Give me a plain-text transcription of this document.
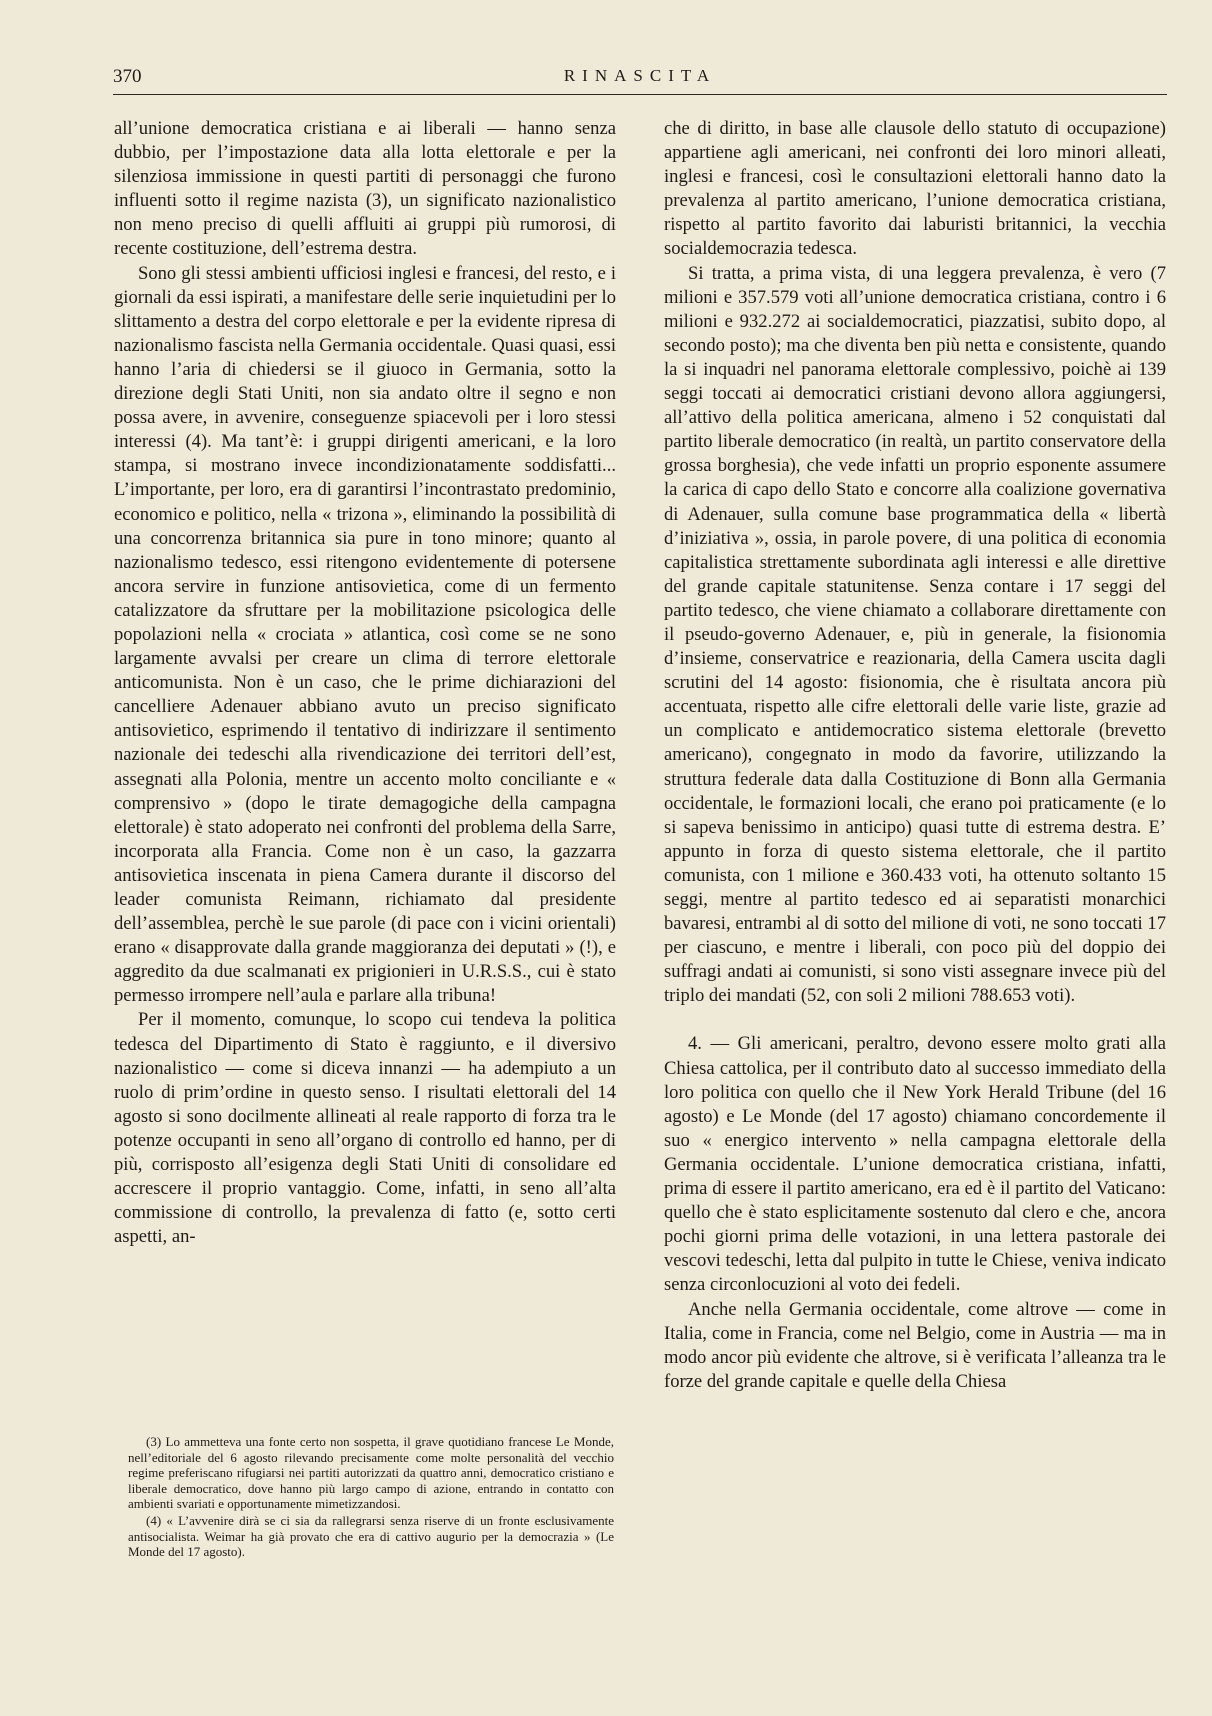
370	RINASCITA

all’unione democratica cristiana e ai liberali — hanno senza dubbio, per l’impostazione data alla lotta elettorale e per la silenziosa immissione in questi partiti di personaggi che furono influenti sotto il regime nazista (3), un significato nazionalistico non meno preciso di quelli affluiti ai gruppi più rumorosi, di recente costituzione, dell’estrema destra.

Sono gli stessi ambienti ufficiosi inglesi e francesi, del resto, e i giornali da essi ispirati, a manifestare delle serie inquietudini per lo slittamento a destra del corpo elettorale e per la evidente ripresa di nazionalismo fascista nella Germania occidentale. Quasi quasi, essi hanno l’aria di chiedersi se il giuoco in Germania, sotto la direzione degli Stati Uniti, non sia andato oltre il segno e non possa avere, in avvenire, conseguenze spiacevoli per i loro stessi interessi (4). Ma tant’è: i gruppi dirigenti americani, e la loro stampa, si mostrano invece incondizionatamente soddisfatti... L’importante, per loro, era di garantirsi l’incontrastato predominio, economico e politico, nella « trizona », eliminando la possibilità di una concorrenza britannica sia pure in tono minore; quanto al nazionalismo tedesco, essi ritengono evidentemente di potersene ancora servire in funzione antisovietica, come di un fermento catalizzatore da sfruttare per la mobilitazione psicologica delle popolazioni nella « crociata » atlantica, così come se ne sono largamente avvalsi per creare un clima di terrore elettorale anticomunista. Non è un caso, che le prime dichiarazioni del cancelliere Adenauer abbiano avuto un preciso significato antisovietico, esprimendo il tentativo di indirizzare il sentimento nazionale dei tedeschi alla rivendicazione dei territori dell’est, assegnati alla Polonia, mentre un accento molto conciliante e « comprensivo » (dopo le tirate demagogiche della campagna elettorale) è stato adoperato nei confronti del problema della Sarre, incorporata alla Francia. Come non è un caso, la gazzarra antisovietica inscenata in piena Camera durante il discorso del leader comunista Reimann, richiamato dal presidente dell’assemblea, perchè le sue parole (di pace con i vicini orientali) erano « disapprovate dalla grande maggioranza dei deputati » (!), e aggredito da due scalmanati ex prigionieri in U.R.S.S., cui è stato permesso irrompere nell’aula e parlare alla tribuna!

Per il momento, comunque, lo scopo cui tendeva la politica tedesca del Dipartimento di Stato è raggiunto, e il diversivo nazionalistico — come si diceva innanzi — ha adempiuto a un ruolo di prim’ordine in questo senso. I risultati elettorali del 14 agosto si sono docilmente allineati al reale rapporto di forza tra le potenze occupanti in seno all’organo di controllo ed hanno, per di più, corrisposto all’esigenza degli Stati Uniti di consolidare ed accrescere il proprio vantaggio. Come, infatti, in seno all’alta commissione di controllo, la prevalenza di fatto (e, sotto certi aspetti, an-

(3) Lo ammetteva una fonte certo non sospetta, il grave quotidiano francese Le Monde, nell’editoriale del 6 agosto rilevando precisamente come molte personalità del vecchio regime preferiscano rifugiarsi nei partiti autorizzati da quattro anni, democratico cristiano e liberale democratico, dove hanno più largo campo di azione, entrando in contatto con ambienti svariati e opportunamente mimetizzandosi.

(4) « L’avvenire dirà se ci sia da rallegrarsi senza riserve di un fronte esclusivamente antisocialista. Weimar ha già provato che era di cattivo augurio per la democrazia » (Le Monde del 17 agosto).

che di diritto, in base alle clausole dello statuto di occupazione) appartiene agli americani, nei confronti dei loro minori alleati, inglesi e francesi, così le consultazioni elettorali hanno dato la prevalenza al partito americano, l’unione democratica cristiana, rispetto al partito favorito dai laburisti britannici, la vecchia socialdemocrazia tedesca.

Si tratta, a prima vista, di una leggera prevalenza, è vero (7 milioni e 357.579 voti all’unione democratica cristiana, contro i 6 milioni e 932.272 ai socialdemocratici, piazzatisi, subito dopo, al secondo posto); ma che diventa ben più netta e consistente, quando la si inquadri nel panorama elettorale complessivo, poichè ai 139 seggi toccati ai democratici cristiani devono allora aggiungersi, all’attivo della politica americana, almeno i 52 conquistati dal partito liberale democratico (in realtà, un partito conservatore della grossa borghesia), che vede infatti un proprio esponente assumere la carica di capo dello Stato e concorre alla coalizione governativa di Adenauer, sulla comune base programmatica della « libertà d’iniziativa », ossia, in parole povere, di una politica di economia capitalistica strettamente subordinata agli interessi e alle direttive del grande capitale statunitense. Senza contare i 17 seggi del partito tedesco, che viene chiamato a collaborare direttamente con il pseudo-governo Adenauer, e, più in generale, la fisionomia d’insieme, conservatrice e reazionaria, della Camera uscita dagli scrutini del 14 agosto: fisionomia, che è risultata ancora più accentuata, rispetto alle cifre elettorali delle varie liste, grazie ad un complicato e antidemocratico sistema elettorale (brevetto americano), congegnato in modo da favorire, utilizzando la struttura federale data dalla Costituzione di Bonn alla Germania occidentale, le formazioni locali, che erano poi praticamente (e lo si sapeva benissimo in anticipo) quasi tutte di estrema destra. E’ appunto in forza di questo sistema elettorale, che il partito comunista, con 1 milione e 360.433 voti, ha ottenuto soltanto 15 seggi, mentre al partito tedesco ed ai separatisti monarchici bavaresi, entrambi al di sotto del milione di voti, ne sono toccati 17 per ciascuno, e mentre i liberali, con poco più del doppio dei suffragi andati ai comunisti, si sono visti assegnare invece più del triplo dei mandati (52, con soli 2 milioni 788.653 voti).

4. — Gli americani, peraltro, devono essere molto grati alla Chiesa cattolica, per il contributo dato al successo immediato della loro politica con quello che il New York Herald Tribune (del 16 agosto) e Le Monde (del 17 agosto) chiamano concordemente il suo « energico intervento » nella campagna elettorale della Germania occidentale. L’unione democratica cristiana, infatti, prima di essere il partito americano, era ed è il partito del Vaticano: quello che è stato esplicitamente sostenuto dal clero e che, ancora pochi giorni prima delle votazioni, in una lettera pastorale dei vescovi tedeschi, letta dal pulpito in tutte le Chiese, veniva indicato senza circonlocuzioni al voto dei fedeli.

Anche nella Germania occidentale, come altrove — come in Italia, come in Francia, come nel Belgio, come in Austria — ma in modo ancor più evidente che altrove, si è verificata l’alleanza tra le forze del grande capitale e quelle della Chiesa
